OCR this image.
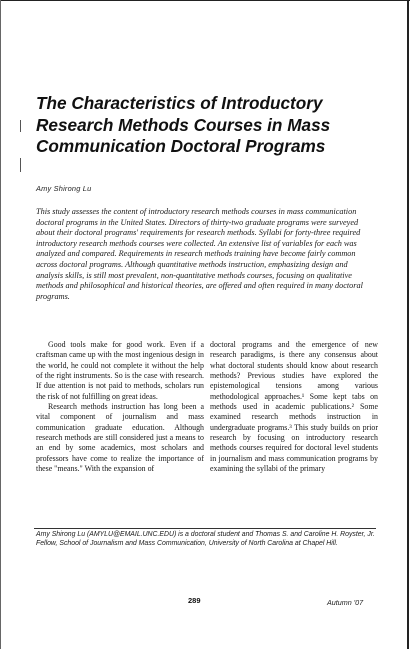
The Characteristics of Introductory Research Methods Courses in Mass Communication Doctoral Programs
Amy Shirong Lu

This study assesses the content of introductory research methods courses in mass communication doctoral programs in the United States. Directors of thirty-two graduate programs were surveyed about their doctoral programs' requirements for research methods. Syllabi for forty-three required introductory research methods courses were collected. An extensive list of variables for each was analyzed and compared. Requirements in research methods training have become fairly common across doctoral programs. Although quantitative methods instruction, emphasizing design and analysis skills, is still most prevalent, non-quantitative methods courses, focusing on qualitative methods and philosophical and historical theories, are offered and often required in many doctoral programs.

Good tools make for good work. Even if a craftsman came up with the most ingenious design in the world, he could not complete it without the help of the right instruments. So is the case with research. If due attention is not paid to methods, scholars run the risk of not fulfilling on great ideas.

Research methods instruction has long been a vital component of journalism and mass communication graduate education. Although research methods are still considered just a means to an end by some academics, most scholars and professors have come to realize the importance of these "means." With the expansion of

doctoral programs and the emergence of new research paradigms, is there any consensus about what doctoral students should know about research methods? Previous studies have explored the epistemological tensions among various methodological approaches.¹ Some kept tabs on methods used in academic publications.² Some examined research methods instruction in undergraduate programs.³ This study builds on prior research by focusing on introductory research methods courses required for doctoral level students in journalism and mass communication programs by examining the syllabi of the primary

Amy Shirong Lu (AMYLU@EMAIL.UNC.EDU) is a doctoral student and Thomas S. and Caroline H. Royster, Jr. Fellow, School of Journalism and Mass Communication, University of North Carolina at Chapel Hill.

289	Autumn '07
